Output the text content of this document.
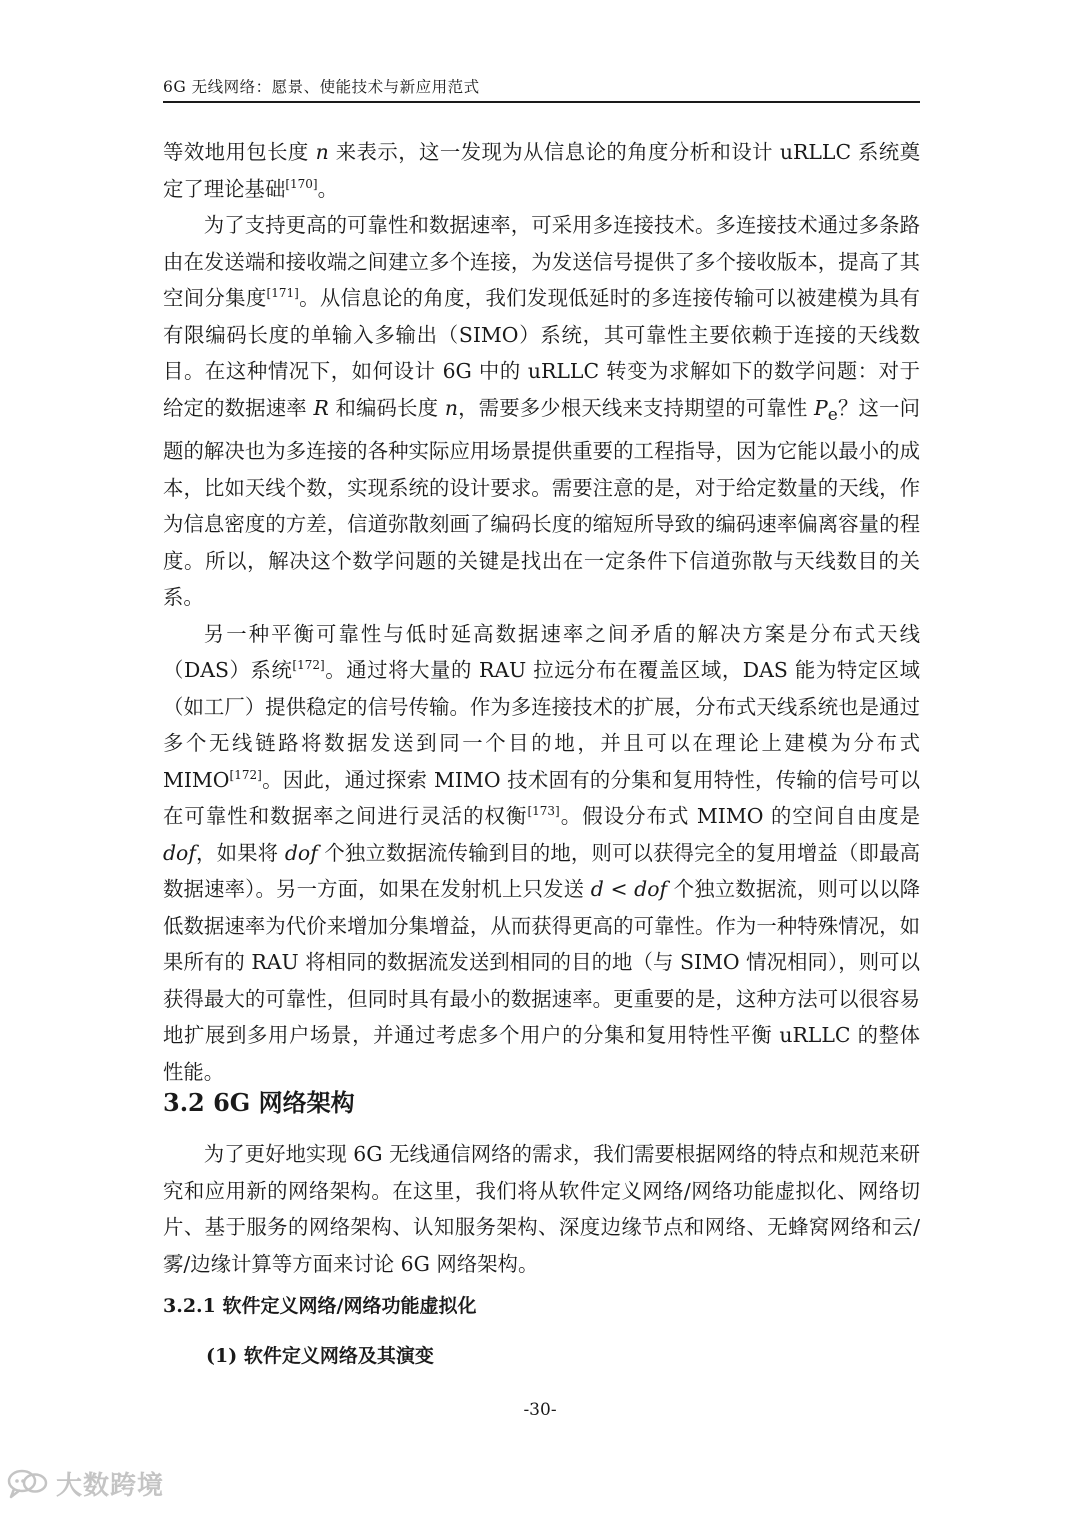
6G 无线网络：愿景、使能技术与新应用范式

等效地用包长度 n 来表示，这一发现为从信息论的角度分析和设计 uRLLC 系统奠定了理论基础[170]。

为了支持更高的可靠性和数据速率，可采用多连接技术。多连接技术通过多条路由在发送端和接收端之间建立多个连接，为发送信号提供了多个接收版本，提高了其空间分集度[171]。从信息论的角度，我们发现低延时的多连接传输可以被建模为具有有限编码长度的单输入多输出（SIMO）系统，其可靠性主要依赖于连接的天线数目。在这种情况下，如何设计 6G 中的 uRLLC 转变为求解如下的数学问题：对于给定的数据速率 R 和编码长度 n，需要多少根天线来支持期望的可靠性 $P_e$？这一问题的解决也为多连接的各种实际应用场景提供重要的工程指导，因为它能以最小的成本，比如天线个数，实现系统的设计要求。需要注意的是，对于给定数量的天线，作为信息密度的方差，信道弥散刻画了编码长度的缩短所导致的编码速率偏离容量的程度。所以，解决这个数学问题的关键是找出在一定条件下信道弥散与天线数目的关系。

另一种平衡可靠性与低时延高数据速率之间矛盾的解决方案是分布式天线（DAS）系统[172]。通过将大量的 RAU 拉远分布在覆盖区域，DAS 能为特定区域（如工厂）提供稳定的信号传输。作为多连接技术的扩展，分布式天线系统也是通过多个无线链路将数据发送到同一个目的地，并且可以在理论上建模为分布式 MIMO[172]。因此，通过探索 MIMO 技术固有的分集和复用特性，传输的信号可以在可靠性和数据率之间进行灵活的权衡[173]。假设分布式 MIMO 的空间自由度是 dof，如果将 dof 个独立数据流传输到目的地，则可以获得完全的复用增益（即最高数据速率）。另一方面，如果在发射机上只发送 d < dof 个独立数据流，则可以以降低数据速率为代价来增加分集增益，从而获得更高的可靠性。作为一种特殊情况，如果所有的 RAU 将相同的数据流发送到相同的目的地（与 SIMO 情况相同），则可以获得最大的可靠性，但同时具有最小的数据速率。更重要的是，这种方法可以很容易地扩展到多用户场景，并通过考虑多个用户的分集和复用特性平衡 uRLLC 的整体性能。

3.2 6G 网络架构

为了更好地实现 6G 无线通信网络的需求，我们需要根据网络的特点和规范来研究和应用新的网络架构。在这里，我们将从软件定义网络/网络功能虚拟化、网络切片、基于服务的网络架构、认知服务架构、深度边缘节点和网络、无蜂窝网络和云/雾/边缘计算等方面来讨论 6G 网络架构。

3.2.1 软件定义网络/网络功能虚拟化
(1) 软件定义网络及其演变
-30-
大数跨境
